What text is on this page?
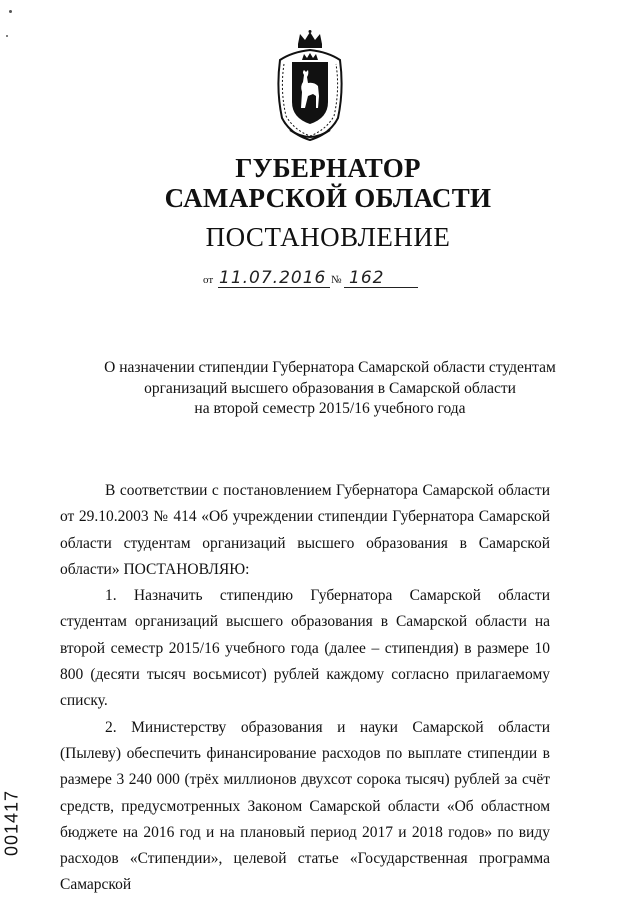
ГУБЕРНАТОР
САМАРСКОЙ ОБЛАСТИ
ПОСТАНОВЛЕНИЕ
от 11.07.2016 № 162
О назначении стипендии Губернатора Самарской области студентам
организаций высшего образования в Самарской области
на второй семестр 2015/16 учебного года

В соответствии с постановлением Губернатора Самарской области от 29.10.2003 № 414 «Об учреждении стипендии Губернатора Самарской области студентам организаций высшего образования в Самарской области» ПОСТАНОВЛЯЮ:

1. Назначить стипендию Губернатора Самарской области студентам организаций высшего образования в Самарской области на второй семестр 2015/16 учебного года (далее – стипендия) в размере 10 800 (десяти тысяч восьмисот) рублей каждому согласно прилагаемому списку.

2. Министерству образования и науки Самарской области (Пылеву) обеспечить финансирование расходов по выплате стипендии в размере 3 240 000 (трёх миллионов двухсот сорока тысяч) рублей за счёт средств, предусмотренных Законом Самарской области «Об областном бюджете на 2016 год и на плановый период 2017 и 2018 годов» по виду расходов «Стипендии», целевой статье «Государственная программа Самарской

001417
